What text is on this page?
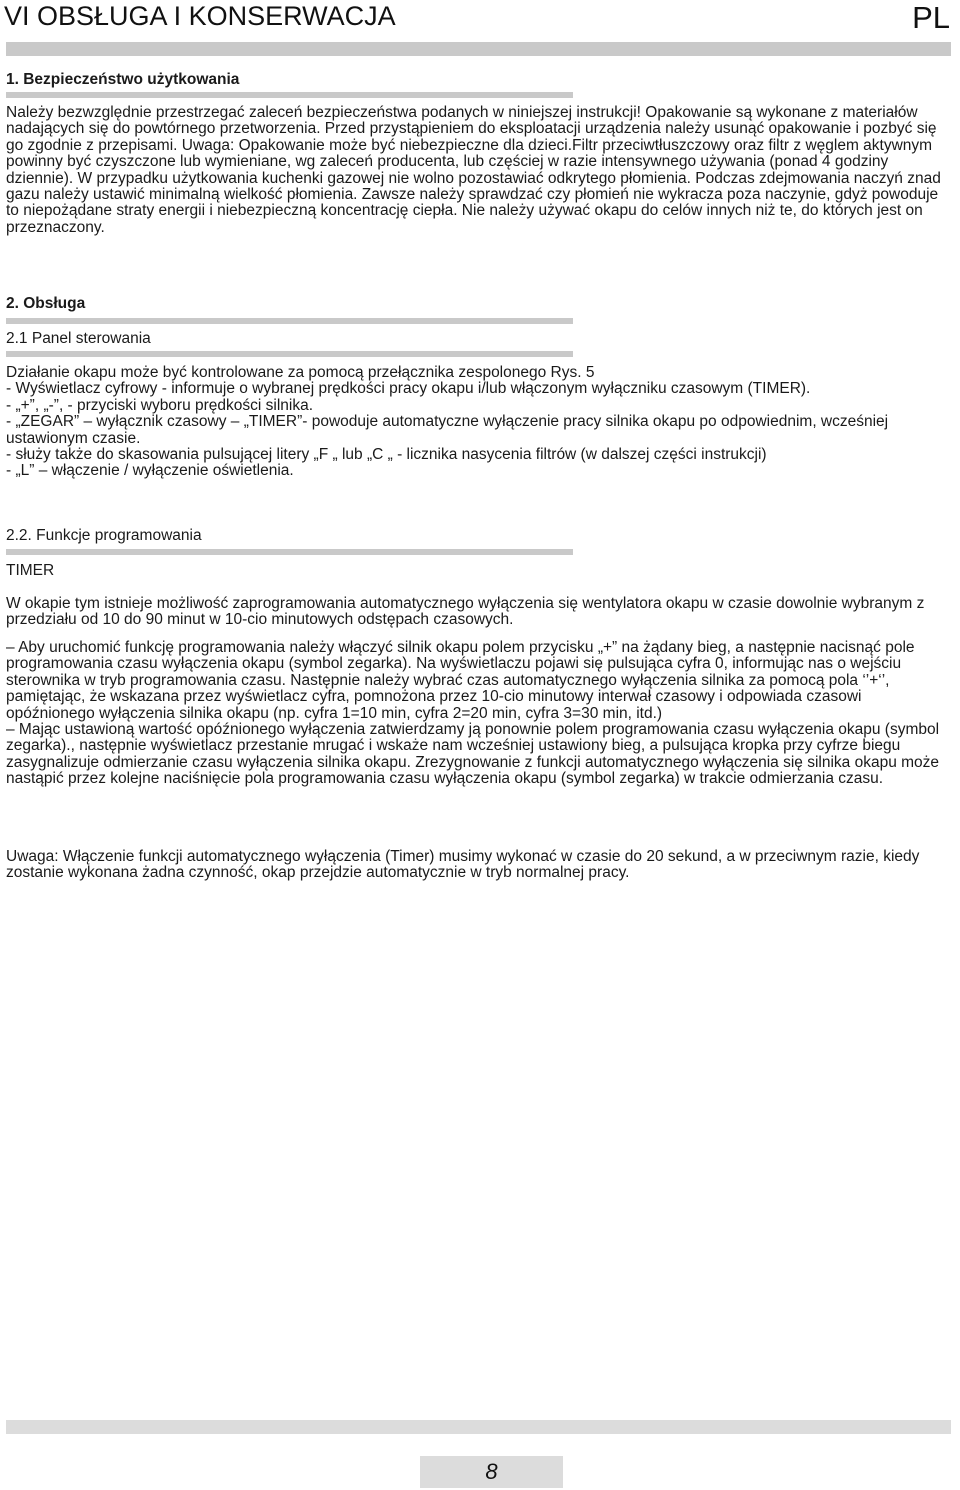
VI OBSŁUGA I KONSERWACJA	PL
1. Bezpieczeństwo użytkowania

Należy bezwzględnie przestrzegać zaleceń bezpieczeństwa podanych w niniejszej instrukcji! Opakowanie są wykonane z materiałów nadających się do powtórnego przetworzenia. Przed przystąpieniem do eksploatacji urządzenia należy usunąć opakowanie i pozbyć się go zgodnie z przepisami. Uwaga: Opakowanie może być niebezpieczne dla dzieci.Filtr przeciwtłuszczowy oraz filtr z węglem aktywnym powinny być czyszczone lub wymieniane, wg zaleceń producenta, lub częściej w razie intensywnego używania (ponad 4 godziny dziennie). W przypadku użytkowania kuchenki gazowej nie wolno pozostawiać odkrytego płomienia. Podczas zdejmowania naczyń znad gazu należy ustawić minimalną wielkość płomienia. Zawsze należy sprawdzać czy płomień nie wykracza poza naczynie, gdyż powoduje to niepożądane straty energii i niebezpieczną koncentrację ciepła. Nie należy używać okapu do celów innych niż te, do których jest on przeznaczony.

2. Obsługa
2.1 Panel sterowania

Działanie okapu może być kontrolowane za pomocą przełącznika zespolonego Rys. 5

- Wyświetlacz cyfrowy - informuje o wybranej prędkości pracy okapu i/lub włączonym wyłączniku czasowym (TIMER).

- „+”, „-”, - przyciski wyboru prędkości silnika.

- „ZEGAR” – wyłącznik czasowy – „TIMER”- powoduje automatyczne wyłączenie pracy silnika okapu po odpowiednim, wcześniej ustawionym czasie.

- służy także do skasowania pulsującej litery „F „ lub „C „ - licznika nasycenia filtrów (w dalszej części instrukcji)

- „L” – włączenie / wyłączenie oświetlenia.

2.2. Funkcje programowania
TIMER

W okapie tym istnieje możliwość zaprogramowania automatycznego wyłączenia się wentylatora okapu w czasie dowolnie wybranym z przedziału od 10 do 90 minut w 10-cio minutowych odstępach czasowych.

– Aby uruchomić funkcję programowania należy włączyć silnik okapu polem przycisku „+” na żądany bieg, a następnie nacisnąć pole programowania czasu wyłączenia okapu (symbol zegarka). Na wyświetlaczu pojawi się pulsująca cyfra 0, informując nas o wejściu sterownika w tryb programowania czasu. Następnie należy wybrać czas automatycznego wyłączenia silnika za pomocą pola ‘’+‘’, pamiętając, że wskazana przez wyświetlacz cyfra, pomnożona przez 10-cio minutowy interwał czasowy i odpowiada czasowi opóźnionego wyłączenia silnika okapu (np. cyfra 1=10 min, cyfra 2=20 min, cyfra 3=30 min, itd.)

– Mając ustawioną wartość opóźnionego wyłączenia zatwierdzamy ją ponownie polem programowania czasu wyłączenia okapu (symbol zegarka)., następnie wyświetlacz przestanie mrugać i wskaże nam wcześniej ustawiony bieg, a pulsująca kropka przy cyfrze biegu zasygnalizuje odmierzanie czasu wyłączenia silnika okapu. Zrezygnowanie z funkcji automatycznego wyłączenia się silnika okapu może nastąpić przez kolejne naciśnięcie pola programowania czasu wyłączenia okapu (symbol zegarka) w trakcie odmierzania czasu.

Uwaga: Włączenie funkcji automatycznego wyłączenia (Timer) musimy wykonać w czasie do 20 sekund, a w przeciwnym razie, kiedy zostanie wykonana żadna czynność, okap przejdzie automatycznie w tryb normalnej pracy.

8
